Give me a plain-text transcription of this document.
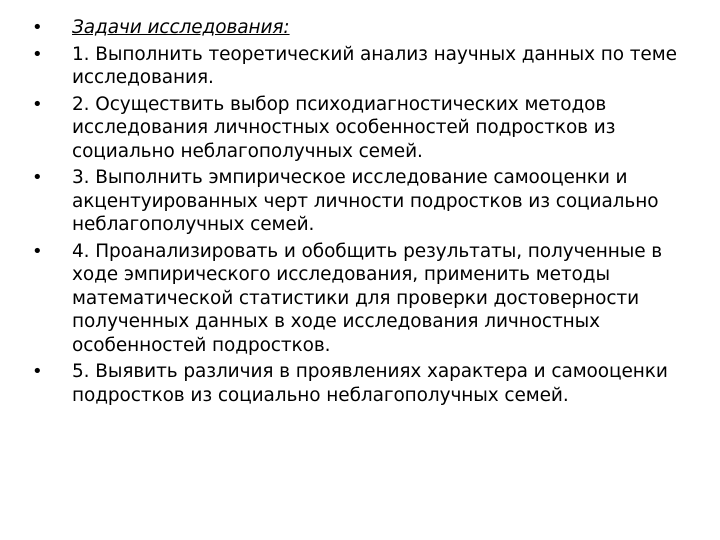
• Задачи исследования:
• 1. Выполнить теоретический анализ научных данных по теме исследования.
• 2. Осуществить выбор психодиагностических методов исследования личностных особенностей подростков из социально неблагополучных семей.
• 3. Выполнить эмпирическое исследование самооценки и акцентуированных черт личности подростков из социально неблагополучных семей.
• 4. Проанализировать и обобщить результаты, полученные в ходе эмпирического исследования, применить методы математической статистики для проверки достоверности полученных данных в ходе исследования личностных особенностей подростков.
• 5. Выявить различия в проявлениях характера и самооценки подростков из социально неблагополучных семей.
